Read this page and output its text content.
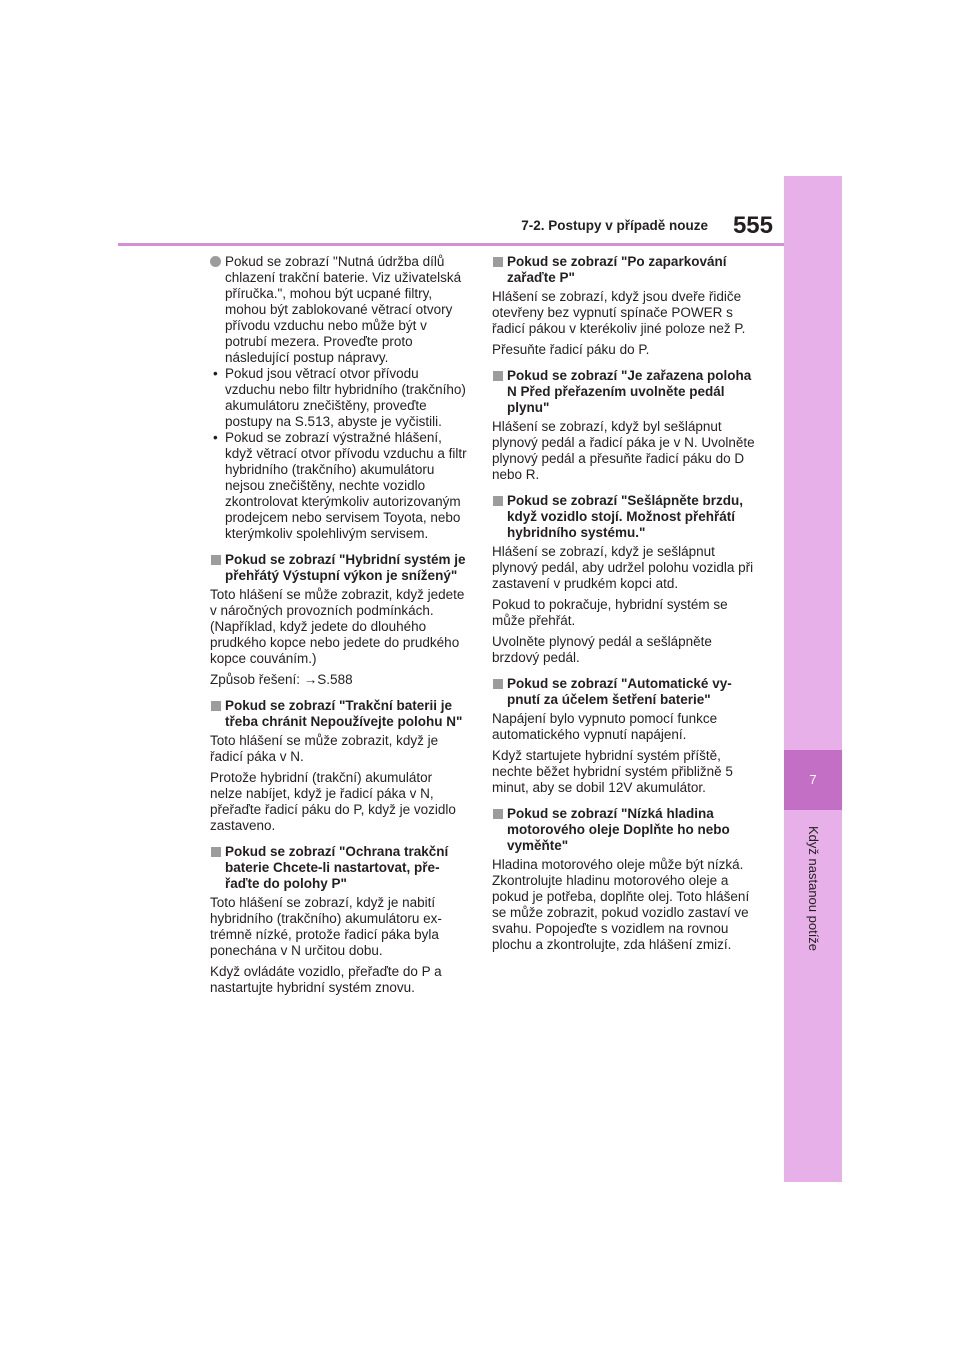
7-2. Postupy v případě nouze	555
7
Když nastanou potíže

Pokud se zobrazí "Nutná údržba dílů chlazení trakční baterie. Viz uživatelská příručka.", mohou být ucpané filtry, mohou být zablokované větrací otvory přívodu vzduchu nebo může být v potrubí mezera. Proveďte proto následující postup nápravy.

• Pokud jsou větrací otvor přívodu vzduchu nebo filtr hybridního (trakčního) akumulátoru znečištěny, proveďte postupy na S.513, abyste je vyčistili.

• Pokud se zobrazí výstražné hlášení, když větrací otvor přívodu vzduchu a filtr hybridního (trakčního) akumulátoru nejsou znečištěny, nechte vozidlo zkontrolovat kterýmkoliv autorizovaným prodejcem nebo servisem Toyota, nebo kterýmkoliv spolehlivým servisem.

Pokud se zobrazí "Hybridní systém je přehřátý Výstupní výkon je snížený"

Toto hlášení se může zobrazit, když jedete v náročných provozních podmínkách. (Například, když jedete do dlouhého prudkého kopce nebo jedete do prudkého kopce couváním.)

Způsob řešení: →S.588

Pokud se zobrazí "Trakční baterii je třeba chránit Nepoužívejte polohu N"

Toto hlášení se může zobrazit, když je řadicí páka v N.

Protože hybridní (trakční) akumulátor nelze nabíjet, když je řadicí páka v N, přeřaďte řadicí páku do P, když je vozidlo zastaveno.

Pokud se zobrazí "Ochrana trakční baterie Chcete-li nastartovat, přeřaďte do polohy P"

Toto hlášení se zobrazí, když je nabití hybridního (trakčního) akumulátoru extrémně nízké, protože řadicí páka byla ponechána v N určitou dobu.

Když ovládáte vozidlo, přeřaďte do P a nastartujte hybridní systém znovu.

Pokud se zobrazí "Po zaparkování zařaďte P"

Hlášení se zobrazí, když jsou dveře řidiče otevřeny bez vypnutí spínače POWER s řadicí pákou v kterékoliv jiné poloze než P.

Přesuňte řadicí páku do P.

Pokud se zobrazí "Je zařazena poloha N Před přeřazením uvolněte pedál plynu"

Hlášení se zobrazí, když byl sešlápnut plynový pedál a řadicí páka je v N. Uvolněte plynový pedál a přesuňte řadicí páku do D nebo R.

Pokud se zobrazí "Sešlápněte brzdu, když vozidlo stojí. Možnost přehřátí hybridního systému."

Hlášení se zobrazí, když je sešlápnut plynový pedál, aby udržel polohu vozidla při zastavení v prudkém kopci atd.

Pokud to pokračuje, hybridní systém se může přehřát.

Uvolněte plynový pedál a sešlápněte brzdový pedál.

Pokud se zobrazí "Automatické vypnutí za účelem šetření baterie"

Napájení bylo vypnuto pomocí funkce automatického vypnutí napájení.

Když startujete hybridní systém příště, nechte běžet hybridní systém přibližně 5 minut, aby se dobil 12V akumulátor.

Pokud se zobrazí "Nízká hladina motorového oleje Doplňte ho nebo vyměňte"

Hladina motorového oleje může být nízká. Zkontrolujte hladinu motorového oleje a pokud je potřeba, doplňte olej. Toto hlášení se může zobrazit, pokud vozidlo zastaví ve svahu. Popojeďte s vozidlem na rovnou plochu a zkontrolujte, zda hlášení zmizí.
